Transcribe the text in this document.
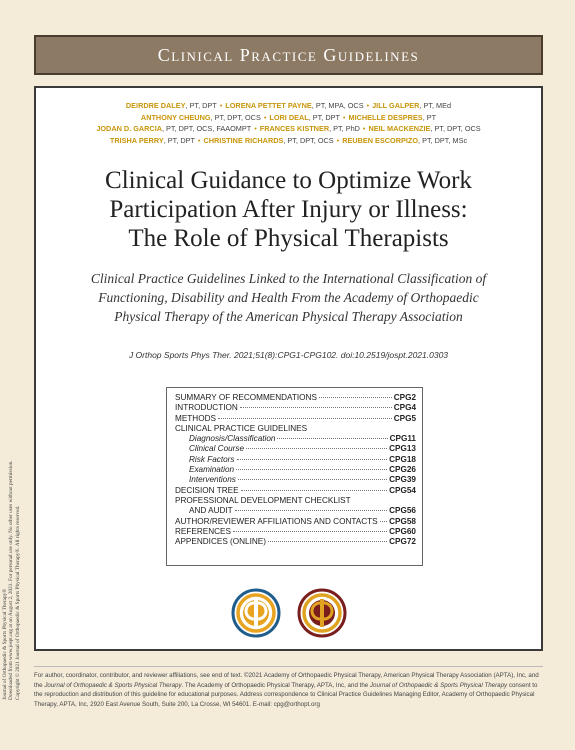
Clinical Practice Guidelines
Journal of Orthopaedic & Sports Physical Therapy® Downloaded from www.jospt.org at on August 2, 2021. For personal use only. No other uses without permission. Copyright © 2021 Journal of Orthopaedic & Sports Physical Therapy®. All rights reserved.
DEIRDRE DALEY, PT, DPT • LORENA PETTET PAYNE, PT, MPA, OCS • JILL GALPER, PT, MEd
ANTHONY CHEUNG, PT, DPT, OCS • LORI DEAL, PT, DPT • MICHELLE DESPRES, PT
JODAN D. GARCIA, PT, DPT, OCS, FAAOMPT • FRANCES KISTNER, PT, PhD • NEIL MACKENZIE, PT, DPT, OCS
TRISHA PERRY, PT, DPT • CHRISTINE RICHARDS, PT, DPT, OCS • REUBEN ESCORPIZO, PT, DPT, MSc
Clinical Guidance to Optimize Work
Participation After Injury or Illness:
The Role of Physical Therapists
Clinical Practice Guidelines Linked to the International Classification of
Functioning, Disability and Health From the Academy of Orthopaedic
Physical Therapy of the American Physical Therapy Association
J Orthop Sports Phys Ther. 2021;51(8):CPG1-CPG102. doi:10.2519/jospt.2021.0303
SUMMARY OF RECOMMENDATIONS	CPG2
INTRODUCTION	CPG4
METHODS	CPG5
CLINICAL PRACTICE GUIDELINES
Diagnosis/Classification	CPG11
Clinical Course	CPG13
Risk Factors	CPG18
Examination	CPG26
Interventions	CPG39
DECISION TREE	CPG54
PROFESSIONAL DEVELOPMENT CHECKLIST
AND AUDIT	CPG56
AUTHOR/REVIEWER AFFILIATIONS AND CONTACTS CPG58
REFERENCES	CPG60
APPENDICES (ONLINE)	CPG72
For author, coordinator, contributor, and reviewer affiliations, see end of text. ©2021 Academy of Orthopaedic Physical Therapy, American Physical Therapy Association (APTA), Inc, and the Journal of Orthopaedic & Sports Physical Therapy. The Academy of Orthopaedic Physical Therapy, APTA, Inc, and the Journal of Orthopaedic & Sports Physical Therapy consent to the reproduction and distribution of this guideline for educational purposes. Address correspondence to Clinical Practice Guidelines Managing Editor, Academy of Orthopaedic Physical Therapy, APTA, Inc, 2920 East Avenue South, Suite 200, La Crosse, WI 54601. E-mail: cpg@orthopt.org
